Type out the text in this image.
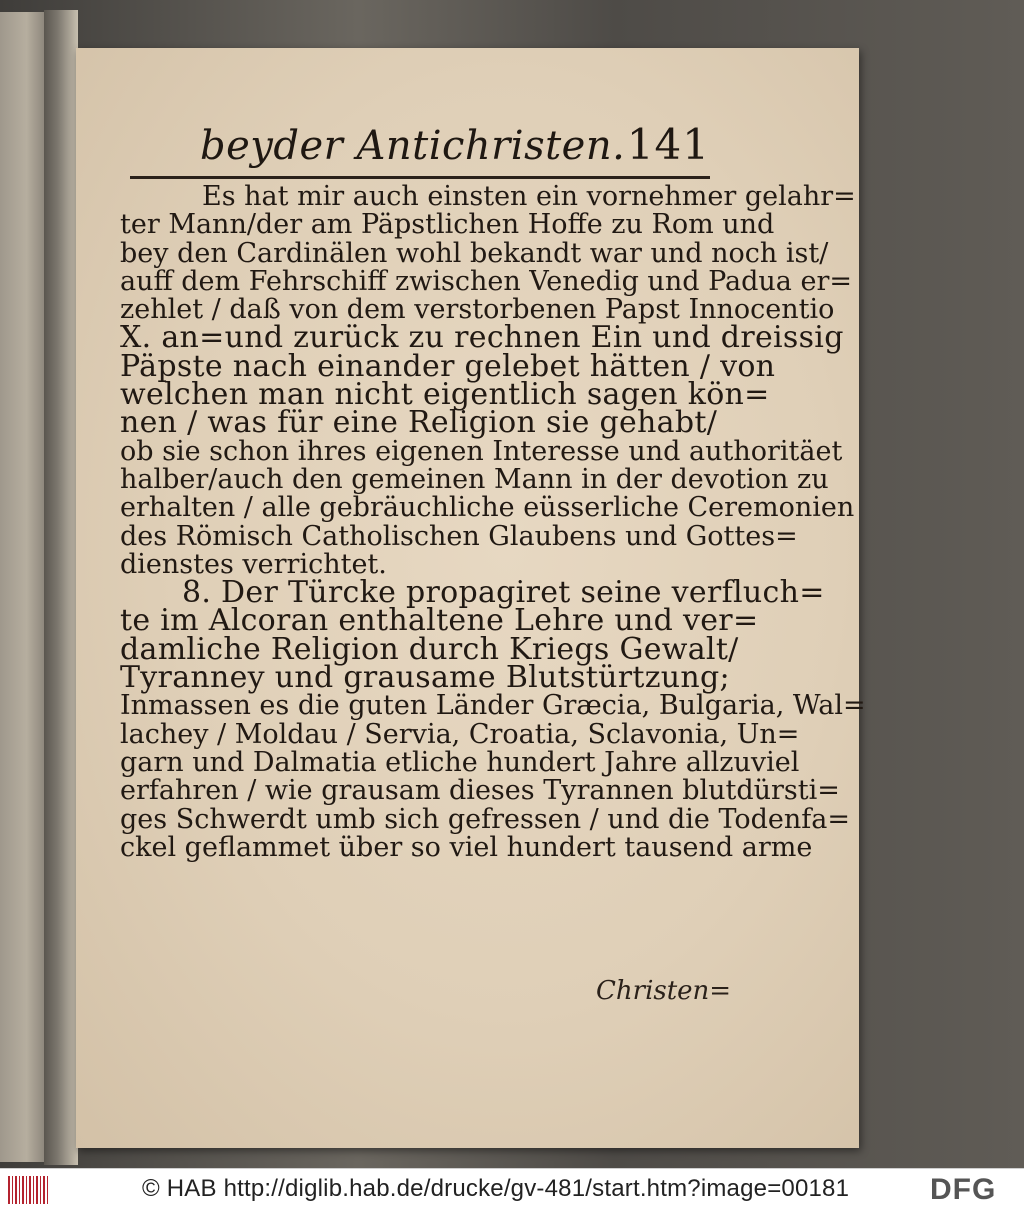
beyder Antichristen. 141
Es hat mir auch einsten ein vornehmer gelahr=
ter Mann/der am Päpstlichen Hoffe zu Rom und
bey den Cardinälen wohl bekandt war und noch ist/
auff dem Fehrschiff zwischen Venedig und Padua er=
zehlet / daß von dem verstorbenen Papst Innocentio
X. an=und zurück zu rechnen Ein und dreissig
Päpste nach einander gelebet hätten / von
welchen man nicht eigentlich sagen kön=
nen / was für eine Religion sie gehabt/
ob sie schon ihres eigenen Interesse und authoritäet
halber/auch den gemeinen Mann in der devotion zu
erhalten / alle gebräuchliche eüsserliche Ceremonien
des Römisch Catholischen Glaubens und Gottes=
dienstes verrichtet.
8. Der Türcke propagiret seine verfluch=
te im Alcoran enthaltene Lehre und ver=
damliche Religion durch Kriegs Gewalt/
Tyranney und grausame Blutstürtzung;
Inmassen es die guten Länder Græcia, Bulgaria, Wal=
lachey / Moldau / Servia, Croatia, Sclavonia, Un=
garn und Dalmatia etliche hundert Jahre allzuviel
erfahren / wie grausam dieses Tyrannen blutdürsti=
ges Schwerdt umb sich gefressen / und die Todenfa=
ckel geflammet über so viel hundert tausend arme
Christen=
© HAB http://diglib.hab.de/drucke/gv-481/start.htm?image=00181	DFG
